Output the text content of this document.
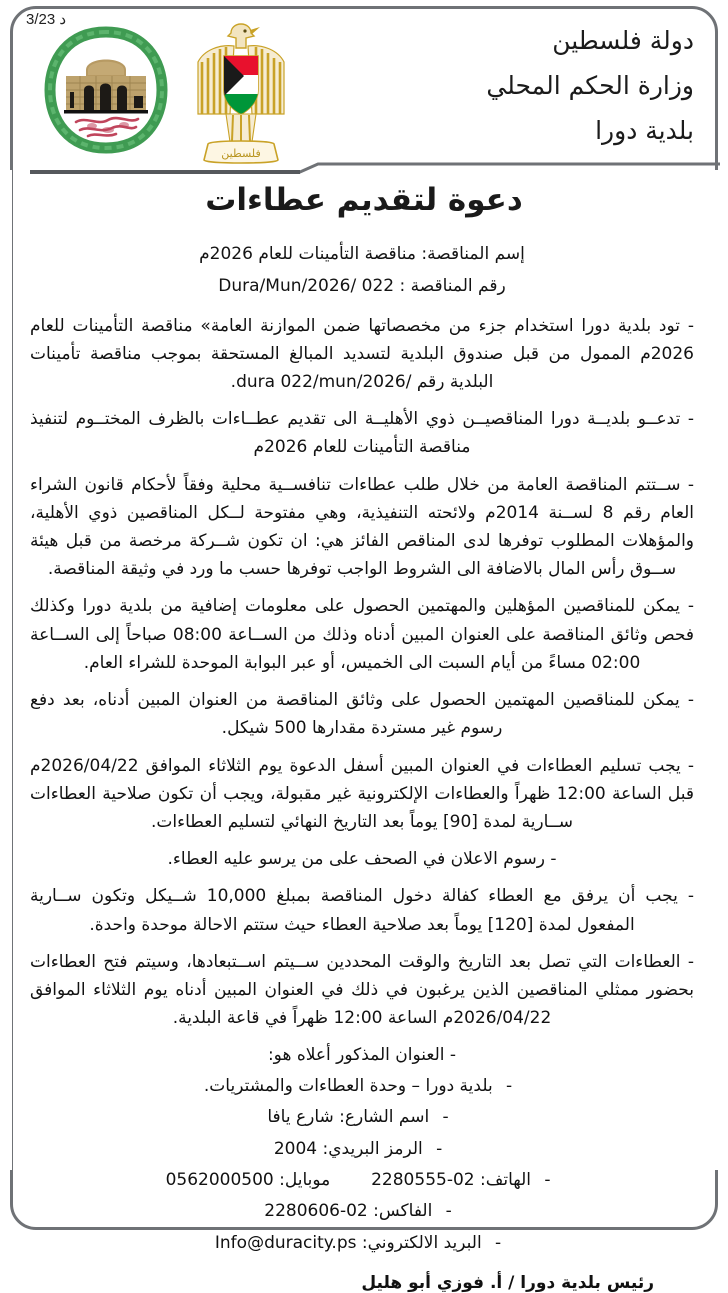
3/23 د
فلسطين
دولة فلسطين
وزارة الحكم المحلي
بلدية دورا
دعوة لتقديم عطاءات
إسم المناقصة: مناقصة التأمينات للعام 2026م
رقم المناقصة : 022 /Dura/Mun/2026

- تود بلدية دورا استخدام جزء من مخصصاتها ضمن الموازنة العامة» مناقصة التأمينات للعام 2026م الممول من قبل صندوق البلدية لتسديد المبالغ المستحقة بموجب مناقصة تأمينات البلدية رقم /dura 022/mun/2026.

- تدعــو بلديــة دورا المناقصيــن ذوي الأهليــة الى تقديم عطــاءات بالظرف المختــوم لتنفيذ مناقصة التأمينات للعام 2026م

- ســتتم المناقصة العامة من خلال طلب عطاءات تنافســية محلية وفقاً لأحكام قانون الشراء العام رقم 8 لســنة 2014م ولائحته التنفيذية، وهي مفتوحة لــكل المناقصين ذوي الأهلية، والمؤهلات المطلوب توفرها لدى المناقص الفائز هي: ان تكون شــركة مرخصة من قبل هيئة ســوق رأس المال بالاضافة الى الشروط الواجب توفرها حسب ما ورد في وثيقة المناقصة.

- يمكن للمناقصين المؤهلين والمهتمين الحصول على معلومات إضافية من بلدية دورا وكذلك فحص وثائق المناقصة على العنوان المبين أدناه وذلك من الســاعة 08:00 صباحاً إلى الســاعة 02:00 مساءً من أيام السبت الى الخميس، أو عبر البوابة الموحدة للشراء العام.

- يمكن للمناقصين المهتمين الحصول على وثائق المناقصة من العنوان المبين أدناه، بعد دفع رسوم غير مستردة مقدارها 500 شيكل.

- يجب تسليم العطاءات في العنوان المبين أسفل الدعوة يوم الثلاثاء الموافق 2026/04/22م قبل الساعة 12:00 ظهراً والعطاءات الإلكترونية غير مقبولة، ويجب أن تكون صلاحية العطاءات ســارية لمدة [90] يوماً بعد التاريخ النهائي لتسليم العطاءات.

- رسوم الاعلان في الصحف على من يرسو عليه العطاء.

- يجب أن يرفق مع العطاء كفالة دخول المناقصة بمبلغ 10,000 شــيكل وتكون ســارية المفعول لمدة [120] يوماً بعد صلاحية العطاء حيث ستتم الاحالة موحدة واحدة.

- العطاءات التي تصل بعد التاريخ والوقت المحددين ســيتم اســتبعادها، وسيتم فتح العطاءات بحضور ممثلي المناقصين الذين يرغبون في ذلك في العنوان المبين أدناه يوم الثلاثاء الموافق 2026/04/22م الساعة 12:00 ظهراً في قاعة البلدية.

- العنوان المذكور أعلاه هو:
- بلدية دورا – وحدة العطاءات والمشتريات.
- اسم الشارع: شارع يافا
- الرمز البريدي: 2004
- الهاتف: 02-2280555  موبايل: 0562000500
- الفاكس: 02-2280606
- البريد الالكتروني: Info@duracity.ps
رئيس بلدية دورا / أ. فوزي أبو هليل
